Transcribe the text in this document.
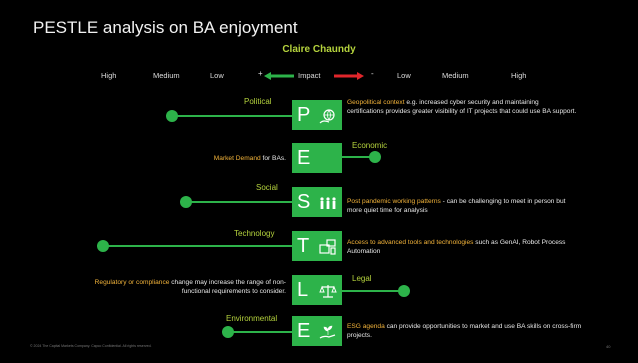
PESTLE analysis on BA enjoyment
Claire Chaundy
High	Medium	Low	+	Impact	-	Low	Medium	High
Political
P
Geopolitical context e.g. increased cyber security and maintaining certifications provides greater visibility of IT projects that could use BA support.
Economic
E
Market Demand for BAs.
Social
S	Post pandemic working patterns - can be challenging to meet in person but more quiet time for analysis
Technology
T	Access to advanced tools and technologies such as GenAI, Robot Process Automation
Legal
L
Regulatory or compliance change may increase the range of non-functional requirements to consider.
Environmental
E	ESG agenda can provide opportunities to market and use BA skills on cross-firm projects.
© 2024 The Capital Markets Company. Capco Confidential. All rights reserved.	40
